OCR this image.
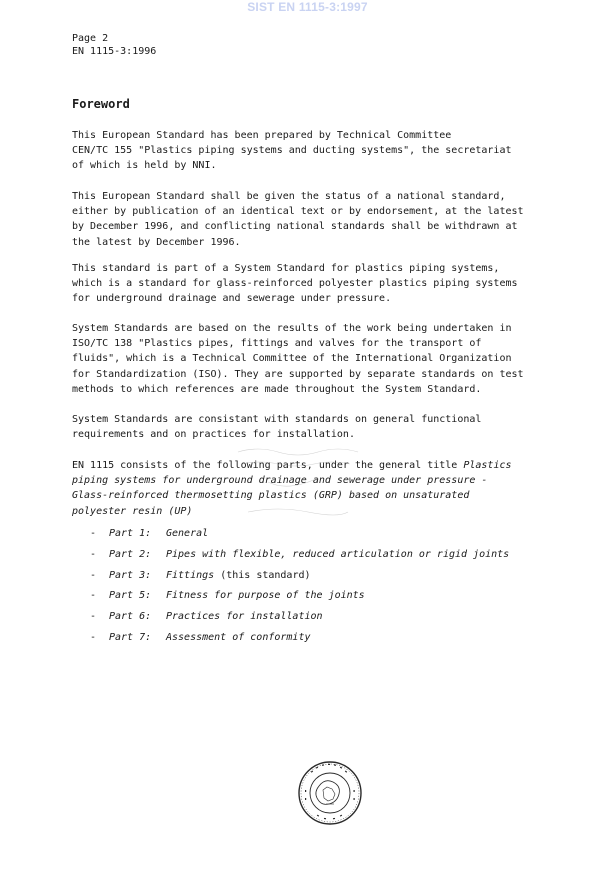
SIST EN 1115-3:1997
Page 2
EN 1115-3:1996
Foreword

This European Standard has been prepared by Technical Committee
CEN/TC 155 "Plastics piping systems and ducting systems", the secretariat
of which is held by NNI.

This European Standard shall be given the status of a national standard,
either by publication of an identical text or by endorsement, at the latest
by December 1996, and conflicting national standards shall be withdrawn at
the latest by December 1996.

This standard is part of a System Standard for plastics piping systems,
which is a standard for glass-reinforced polyester plastics piping systems
for underground drainage and sewerage under pressure.

System Standards are based on the results of the work being undertaken in
ISO/TC 138 "Plastics pipes, fittings and valves for the transport of
fluids", which is a Technical Committee of the International Organization
for Standardization (ISO). They are supported by separate standards on test
methods to which references are made throughout the System Standard.

System Standards are consistant with standards on general functional
requirements and on practices for installation.

EN 1115 consists of the following parts, under the general title Plastics
piping systems for underground drainage and sewerage under pressure -
Glass-reinforced thermosetting plastics (GRP) based on unsaturated
polyester resin (UP)

- Part 1: General
- Part 2: Pipes with flexible, reduced articulation or rigid joints
- Part 3: Fittings (this standard)
- Part 5: Fitness for purpose of the joints
- Part 6: Practices for installation
- Part 7: Assessment of conformity
